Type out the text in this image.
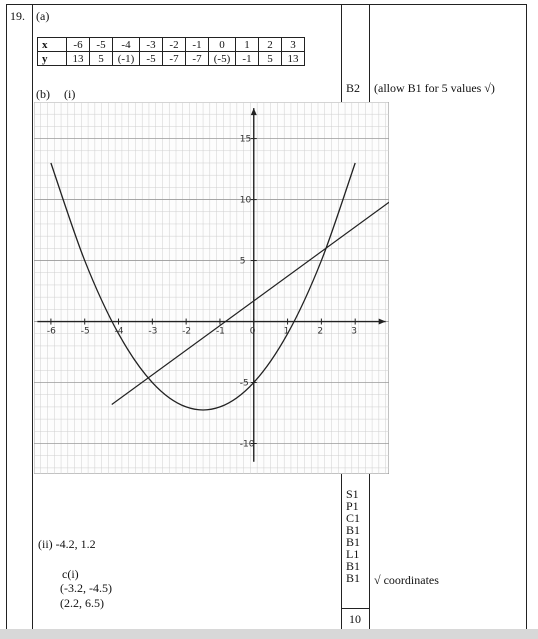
19. (a)
x	-6	-5	-4	-3	-2	-1	0	1	2	3
y	13	5	(-1)	-5	-7	-7	(-5)	-1	5	13
B2 (allow B1 for 5 values √)
(b) (i)
-6	-5	-4	-3	-2	-1	0	1	2	3
15
10
5
-5
-10
(ii) -4.2, 1.2
c(i)
(-3.2, -4.5)
(2.2, 6.5)
S1
P1
C1
B1
B1
L1
B1
B1 √ coordinates
10
